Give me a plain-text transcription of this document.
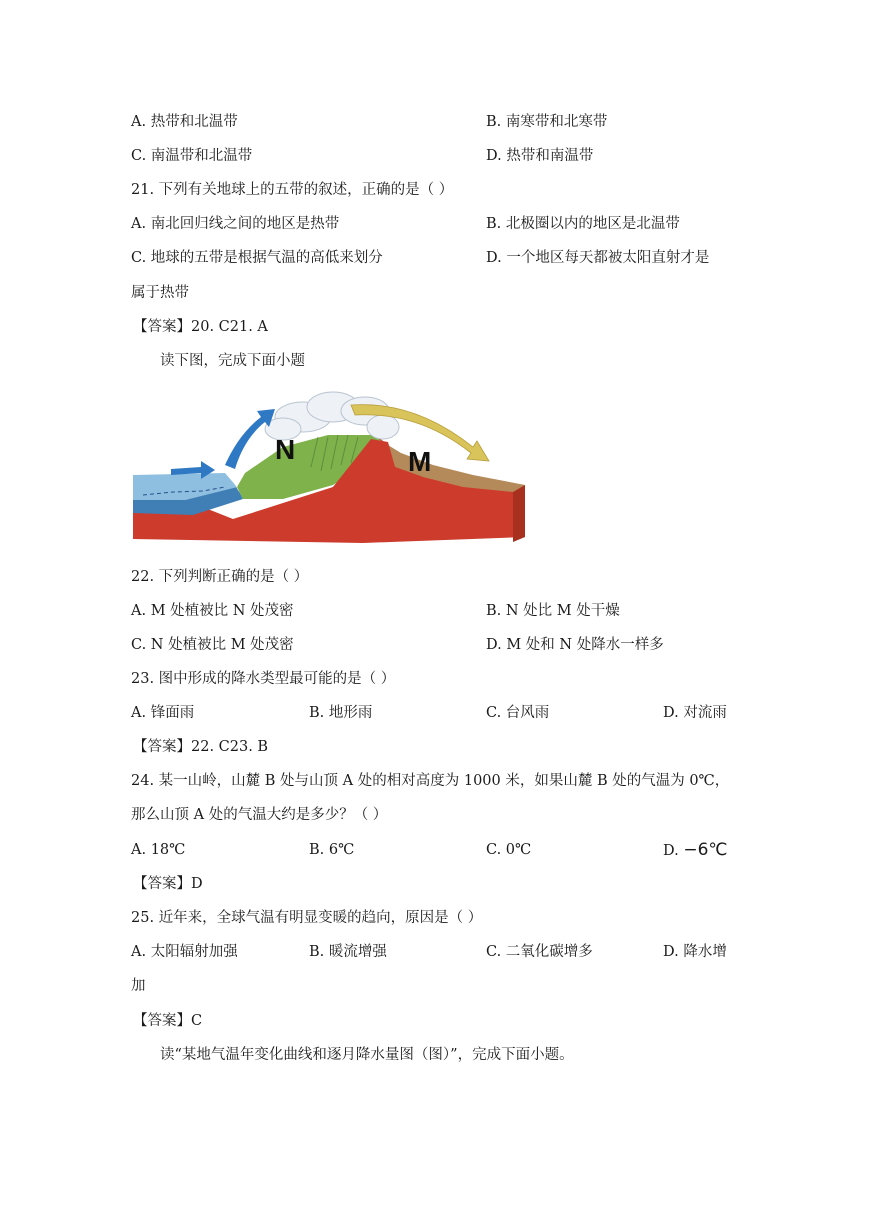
A. 热带和北温带	B. 南寒带和北寒带
C. 南温带和北温带	D. 热带和南温带
21. 下列有关地球上的五带的叙述，正确的是（ ）
A. 南北回归线之间的地区是热带	B. 北极圈以内的地区是北温带
C. 地球的五带是根据气温的高低来划分	D. 一个地区每天都被太阳直射才是
属于热带
【答案】20. C21. A
读下图，完成下面小题
N	M
22. 下列判断正确的是（ ）
A. M 处植被比 N 处茂密	B. N 处比 M 处干燥
C. N 处植被比 M 处茂密	D. M 处和 N 处降水一样多
23. 图中形成的降水类型最可能的是（ ）
A. 锋面雨	B. 地形雨	C. 台风雨	D. 对流雨
【答案】22. C23. B
24. 某一山岭，山麓 B 处与山顶 A 处的相对高度为 1000 米，如果山麓 B 处的气温为 0℃，
那么山顶 A 处的气温大约是多少？（ ）
A. 18℃	B. 6℃	C. 0℃	D. −6℃
【答案】D
25. 近年来，全球气温有明显变暖的趋向，原因是（ ）
A. 太阳辐射加强	B. 暖流增强	C. 二氧化碳增多	D. 降水增
加
【答案】C
读“某地气温年变化曲线和逐月降水量图（图）”，完成下面小题。
